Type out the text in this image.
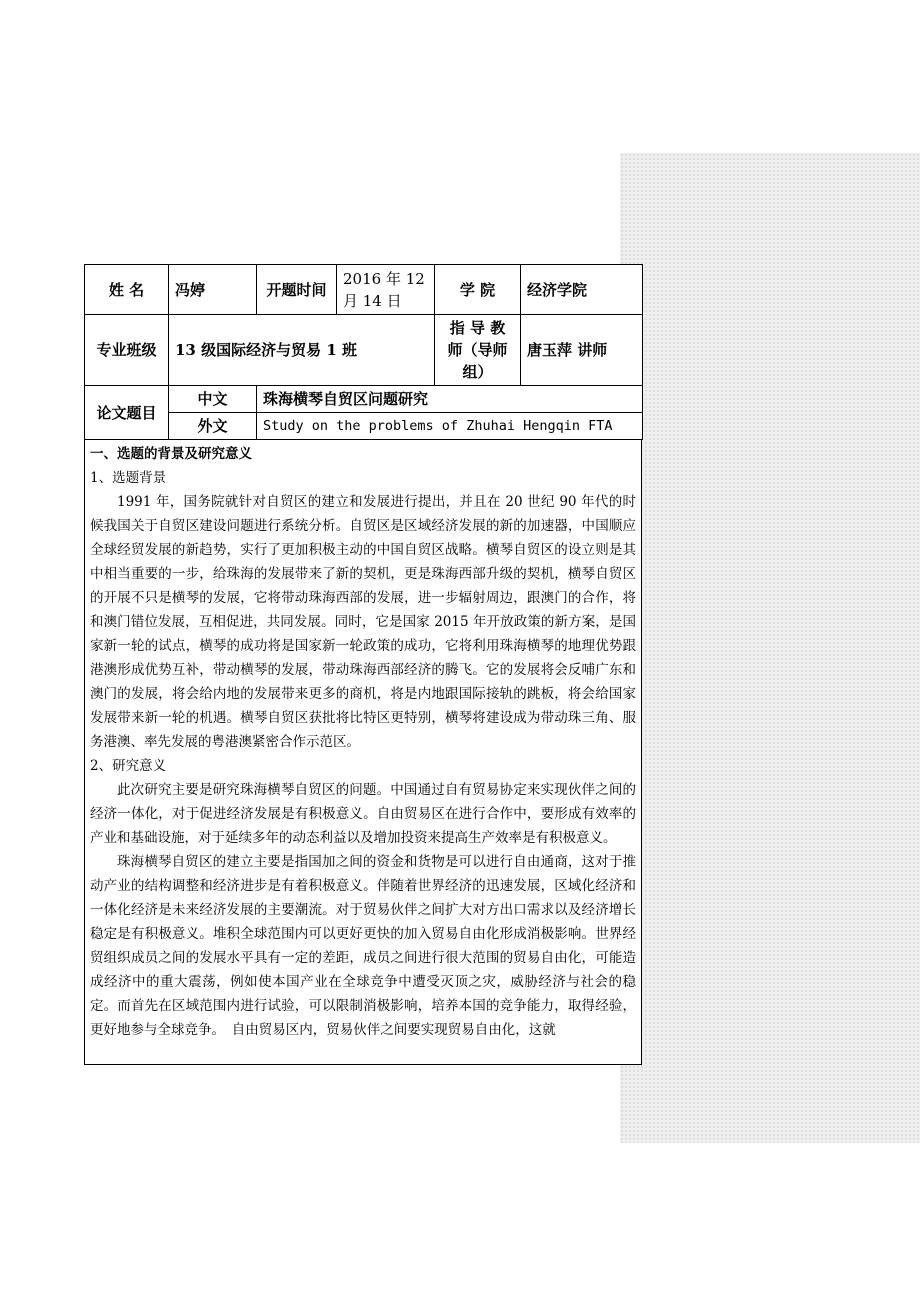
姓 名	冯婷	开题时间	2016 年 12 月 14 日	学 院	经济学院
专业班级	13 级国际经济与贸易 1 班			指 导 教 师（导师组）	唐玉萍 讲师
论文题目	中文	珠海横琴自贸区问题研究			
	外文	Study on the problems of Zhuhai Hengqin FTA			

一、选题的背景及研究意义

1、选题背景

1991 年，国务院就针对自贸区的建立和发展进行提出，并且在 20 世纪 90 年代的时候我国关于自贸区建设问题进行系统分析。自贸区是区域经济发展的新的加速器，中国顺应全球经贸发展的新趋势，实行了更加积极主动的中国自贸区战略。横琴自贸区的设立则是其中相当重要的一步，给珠海的发展带来了新的契机，更是珠海西部升级的契机，横琴自贸区的开展不只是横琴的发展，它将带动珠海西部的发展，进一步辐射周边，跟澳门的合作，将和澳门错位发展，互相促进，共同发展。同时，它是国家 2015 年开放政策的新方案，是国家新一轮的试点，横琴的成功将是国家新一轮政策的成功，它将利用珠海横琴的地理优势跟港澳形成优势互补，带动横琴的发展，带动珠海西部经济的腾飞。它的发展将会反哺广东和澳门的发展，将会给内地的发展带来更多的商机，将是内地跟国际接轨的跳板，将会给国家发展带来新一轮的机遇。横琴自贸区获批将比特区更特别，横琴将建设成为带动珠三角、服务港澳、率先发展的粤港澳紧密合作示范区。

2、研究意义

此次研究主要是研究珠海横琴自贸区的问题。中国通过自有贸易协定来实现伙伴之间的经济一体化，对于促进经济发展是有积极意义。自由贸易区在进行合作中，要形成有效率的产业和基础设施，对于延续多年的动态利益以及增加投资来提高生产效率是有积极意义。

珠海横琴自贸区的建立主要是指国加之间的资金和货物是可以进行自由通商，这对于推动产业的结构调整和经济进步是有着积极意义。伴随着世界经济的迅速发展，区域化经济和一体化经济是未来经济发展的主要潮流。对于贸易伙伴之间扩大对方出口需求以及经济增长稳定是有积极意义。堆积全球范围内可以更好更快的加入贸易自由化形成消极影响。世界经贸组织成员之间的发展水平具有一定的差距，成员之间进行很大范围的贸易自由化，可能造成经济中的重大震荡，例如使本国产业在全球竞争中遭受灭顶之灾，威胁经济与社会的稳定。而首先在区域范围内进行试验，可以限制消极影响，培养本国的竞争能力，取得经验，更好地参与全球竞争。　自由贸易区内，贸易伙伴之间要实现贸易自由化，这就
